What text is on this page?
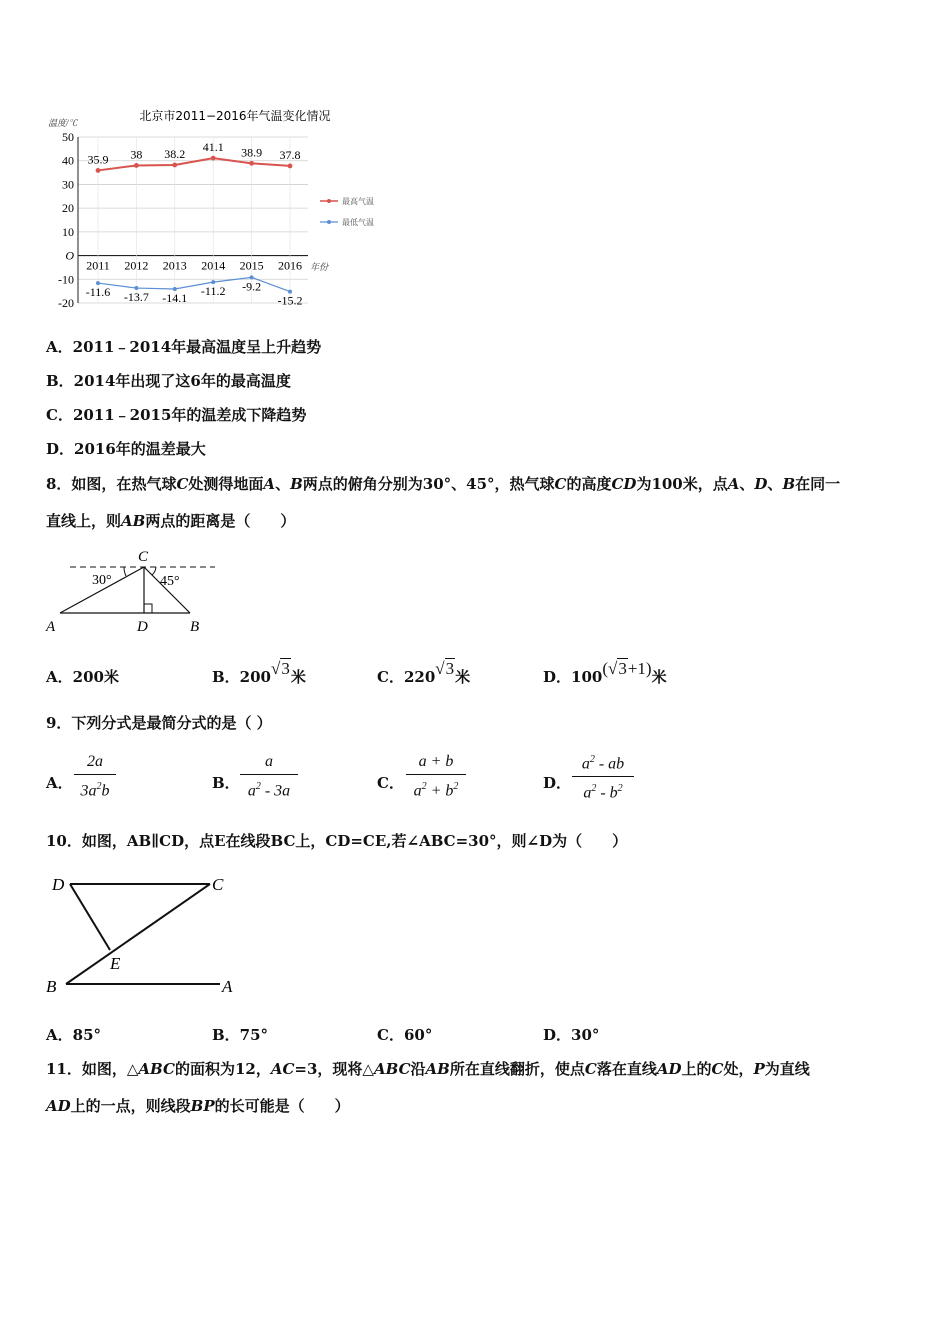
北京市2011−2016年气温变化情况
温度/℃
年份
50
40
30
20
10
O
-10
-20
2011 2012 2013 2014 2015 2016
35.9 38 38.2 41.1 38.9 37.8
-11.6 -13.7 -14.1 -11.2 -9.2
-15.2
最高气温
最低气温
A．2011﹣2014年最高温度呈上升趋势
B．2014年出现了这6年的最高温度
C．2011﹣2015年的温差成下降趋势
D．2016年的温差最大
8．如图，在热气球C处测得地面A、B两点的俯角分别为30°、45°，热气球C的高度CD为100米，点A、D、B在同一
直线上，则AB两点的距离是（　　）
C
30°	45°
A	D	B
A．200米	B．200√3米	C．220√3米	D．100(√3+1)米
9．下列分式是最简分式的是（ ）
A．
2a
$3a^2b$	B．
a
$a^2 - 3a$	C．
a + b
$a^2 + b^2$	D．
$a^2$ - ab
$a^2 - b^2$
10．如图，AB∥CD，点E在线段BC上，CD=CE,若∠ABC=30°，则∠D为（　　）
D	C
E
B	A
A．85°	B．75°	C．60°	D．30°
11．如图，△ABC的面积为12，AC=3，现将△ABC沿AB所在直线翻折，使点C落在直线AD上的C处，P为直线
AD上的一点，则线段BP的长可能是（　　）
